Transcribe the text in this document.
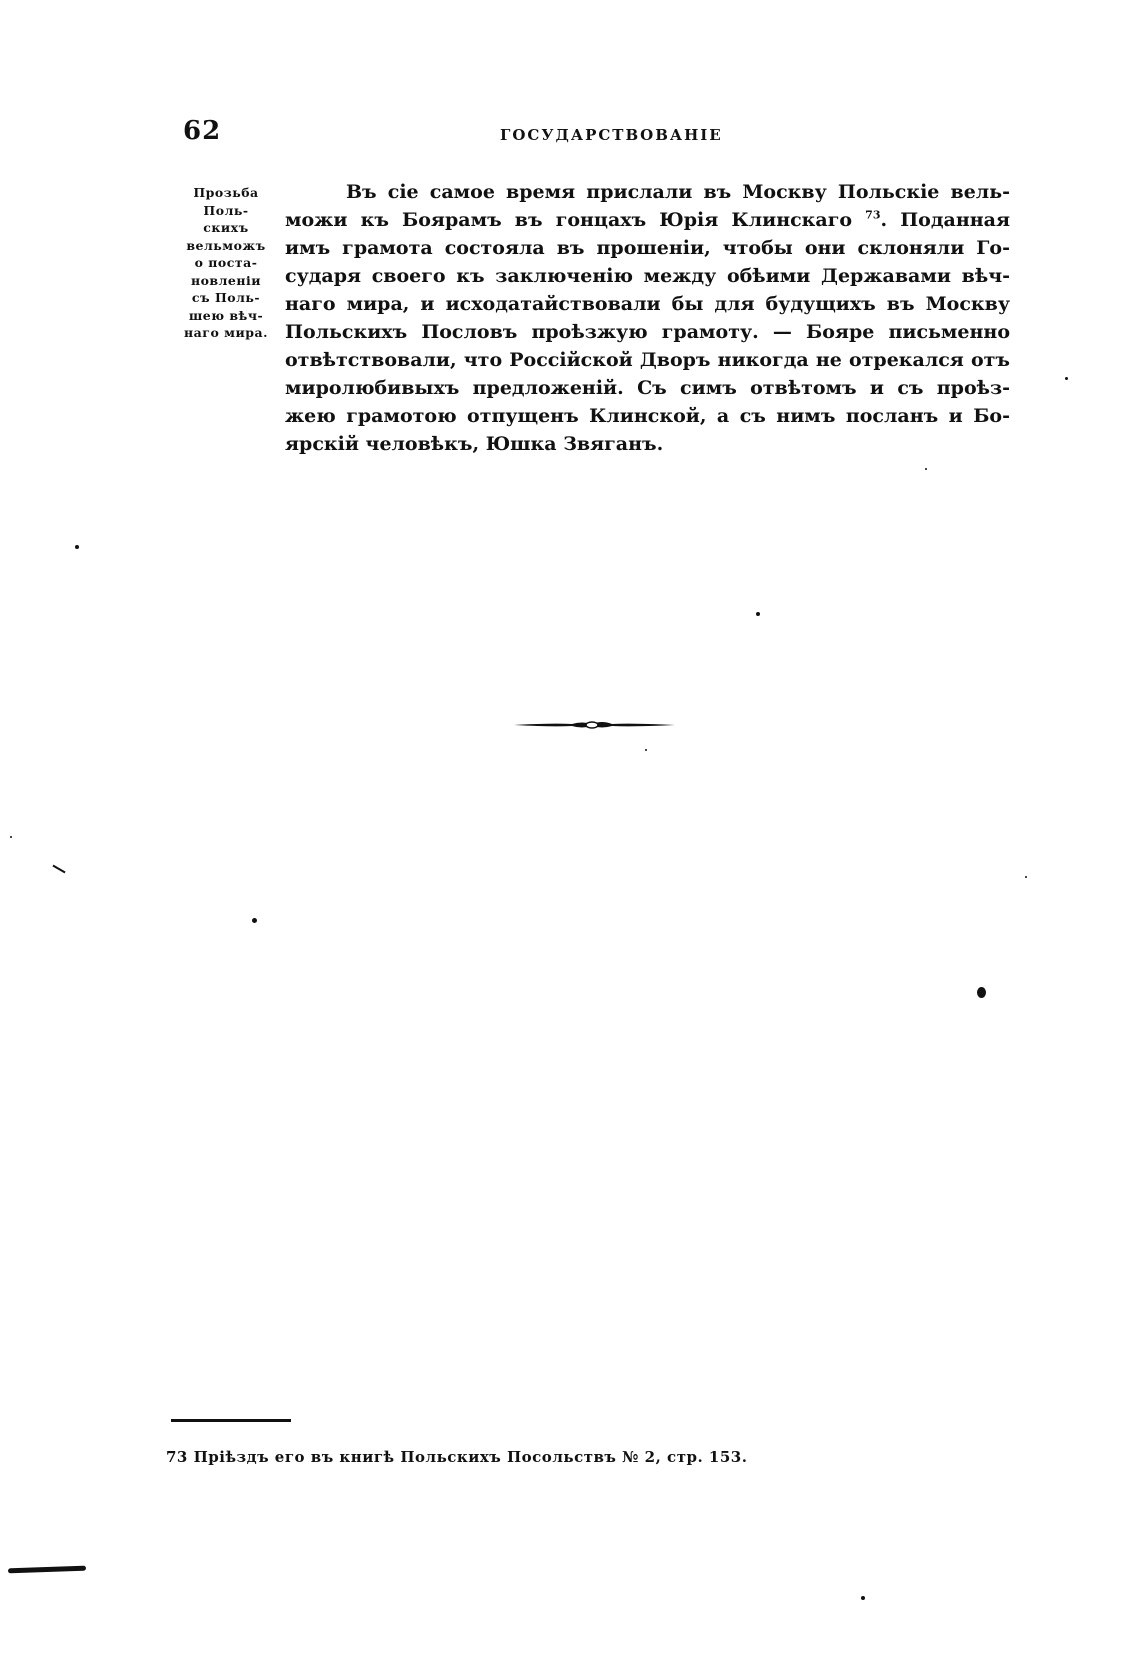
62	ГОСУДАРСТВОВАНІЕ
Прозьба
Поль-
скихъ
вельможъ
о поста-
новленіи
съ Поль-
шею вѣч-
наго мира.
Въ сіе самое время прислали въ Москву Польскіе вель-
можи къ Боярамъ въ гонцахъ Юрія Клинскаго $^{73}$. Поданная
имъ грамота состояла въ прошеніи, чтобы они склоняли Го-
сударя своего къ заключенію между обѣими Державами вѣч-
наго мира, и исходатайствовали бы для будущихъ въ Москву
Польскихъ Пословъ проѣзжую грамоту. — Бояре письменно
отвѣтствовали, что Россійской Дворъ никогда не отрекался отъ
миролюбивыхъ предложеній. Съ симъ отвѣтомъ и съ проѣз-
жею грамотою отпущенъ Клинской, а съ нимъ посланъ и Бо-
ярскій человѣкъ, Юшка Звяганъ.
73 Пріѣздъ его въ книгѣ Польскихъ Посольствъ № 2, стр. 153.
